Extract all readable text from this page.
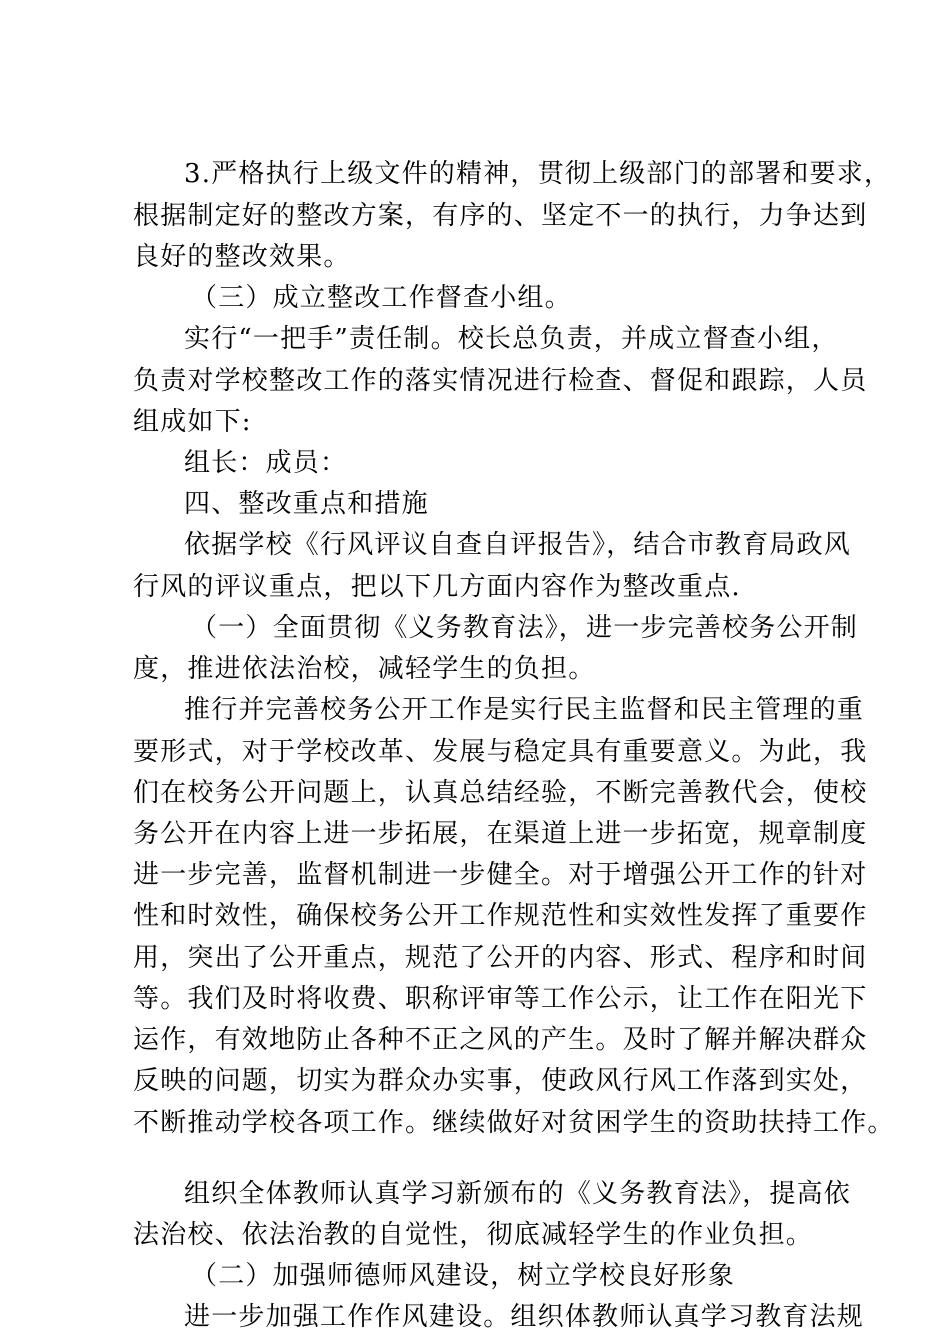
3.严格执行上级文件的精神，贯彻上级部门的部署和要求，
根据制定好的整改方案，有序的、坚定不一的执行，力争达到
良好的整改效果。
（三）成立整改工作督查小组。
实行“一把手”责任制。校长总负责，并成立督查小组，
负责对学校整改工作的落实情况进行检查、督促和跟踪，人员
组成如下:
组长：成员：
四、整改重点和措施
依据学校《行风评议自查自评报告》，结合市教育局政风
行风的评议重点，把以下几方面内容作为整改重点.
（一）全面贯彻《义务教育法》，进一步完善校务公开制
度，推进依法治校，减轻学生的负担。
推行并完善校务公开工作是实行民主监督和民主管理的重
要形式，对于学校改革、发展与稳定具有重要意义。为此，我
们在校务公开问题上，认真总结经验，不断完善教代会，使校
务公开在内容上进一步拓展，在渠道上进一步拓宽，规章制度
进一步完善，监督机制进一步健全。对于增强公开工作的针对
性和时效性，确保校务公开工作规范性和实效性发挥了重要作
用，突出了公开重点，规范了公开的内容、形式、程序和时间
等。我们及时将收费、职称评审等工作公示，让工作在阳光下
运作，有效地防止各种不正之风的产生。及时了解并解决群众
反映的问题，切实为群众办实事，使政风行风工作落到实处，
不断推动学校各项工作。继续做好对贫困学生的资助扶持工作。
组织全体教师认真学习新颁布的《义务教育法》，提高依
法治校、依法治教的自觉性，彻底减轻学生的作业负担。
（二）加强师德师风建设，树立学校良好形象
进一步加强工作作风建设。组织体教师认真学习教育法规
